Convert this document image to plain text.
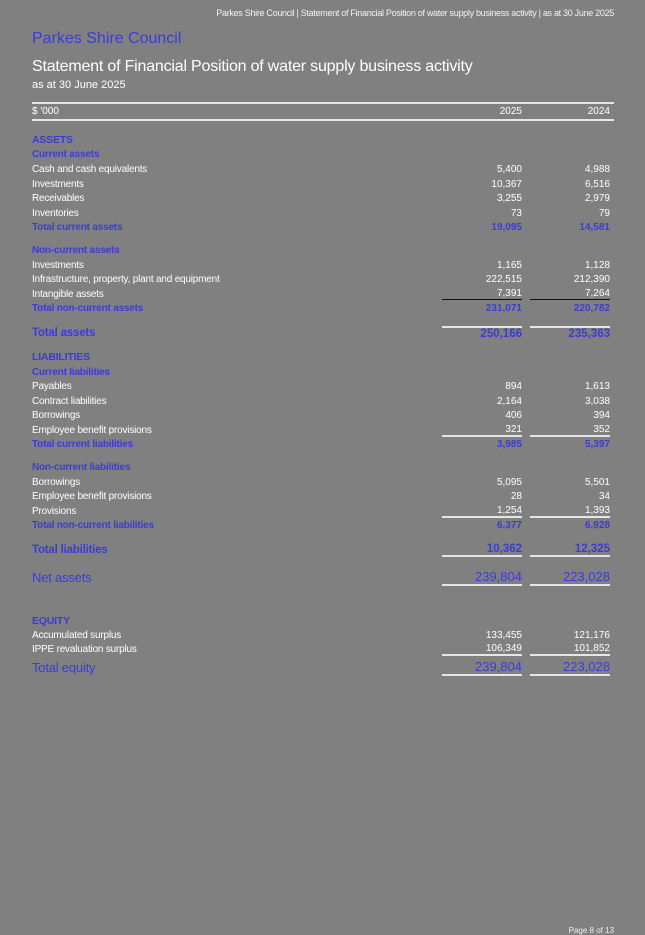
Parkes Shire Council | Statement of Financial Position of water supply business activity | as at 30 June 2025
Parkes Shire Council
Statement of Financial Position of water supply business activity
as at 30 June 2025
$ '000	2025	2024
ASSETS
Current assets
Cash and cash equivalents	5,400	4,988
Investments	10,367	6,516
Receivables	3,255	2,979
Inventories	73	79
Total current assets	19,095	14,581
Non-current assets
Investments	1,165	1,128
Infrastructure, property, plant and equipment	222,515	212,390
Intangible assets	7,391	7,264
Total non-current assets	231,071	220,782
Total assets	250,166	235,363
LIABILITIES
Current liabilities
Payables	894	1,613
Contract liabilities	2,164	3,038
Borrowings	406	394
Employee benefit provisions	321	352
Total current liabilities	3,985	5,397
Non-current liabilities
Borrowings	5,095	5,501
Employee benefit provisions	28	34
Provisions	1,254	1,393
Total non-current liabilities	6,377	6,928
Total liabilities	10,362	12,325
Net assets	239,804	223,028
EQUITY
Accumulated surplus	133,455	121,176
IPPE revaluation surplus	106,349	101,852
Total equity	239,804	223,028
Page 8 of 13
